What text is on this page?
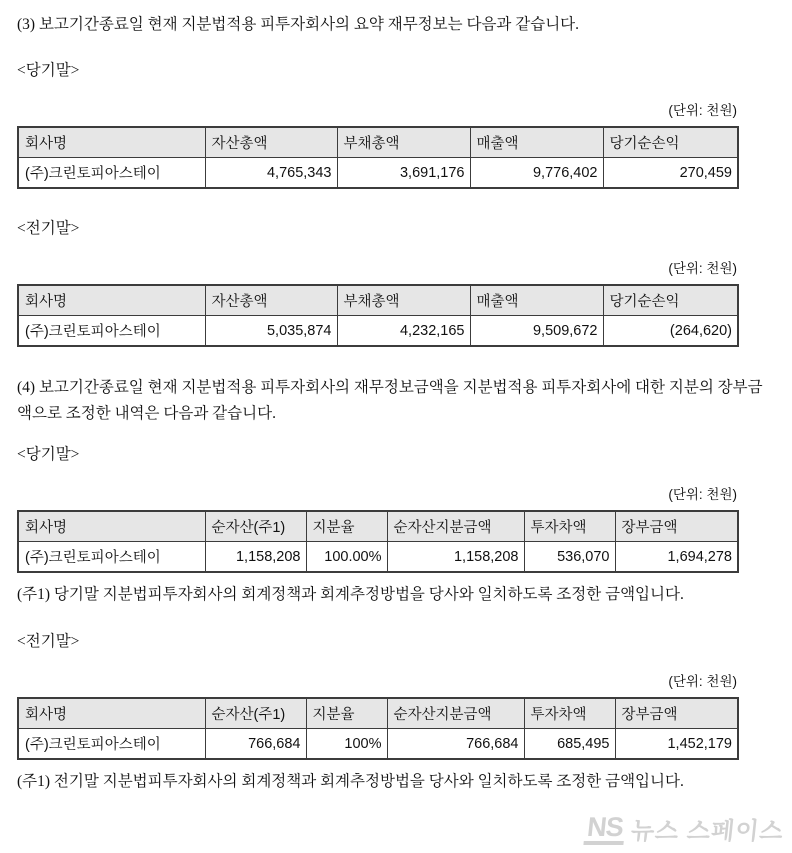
(3) 보고기간종료일 현재 지분법적용 피투자회사의 요약 재무정보는 다음과 같습니다.

<당기말>
(단위: 천원)
회사명	자산총액	부채총액	매출액	당기순손익
(주)크린토피아스테이	4,765,343	3,691,176	9,776,402	270,459
<전기말>
(단위: 천원)
회사명	자산총액	부채총액	매출액	당기순손익
(주)크린토피아스테이	5,035,874	4,232,165	9,509,672	(264,620)

(4) 보고기간종료일 현재 지분법적용 피투자회사의 재무정보금액을 지분법적용 피투자회사에 대한 지분의 장부금액으로 조정한 내역은 다음과 같습니다.

<당기말>
(단위: 천원)
회사명	순자산(주1)	지분율	순자산지분금액	투자차액	장부금액
(주)크린토피아스테이	1,158,208	100.00%	1,158,208	536,070	1,694,278

(주1) 당기말 지분법피투자회사의 회계정책과 회계추정방법을 당사와 일치하도록 조정한 금액입니다.

<전기말>
(단위: 천원)
회사명	순자산(주1)	지분율	순자산지분금액	투자차액	장부금액
(주)크린토피아스테이	766,684	100%	766,684	685,495	1,452,179

(주1) 전기말 지분법피투자회사의 회계정책과 회계추정방법을 당사와 일치하도록 조정한 금액입니다.

NS 뉴스 스페이스
